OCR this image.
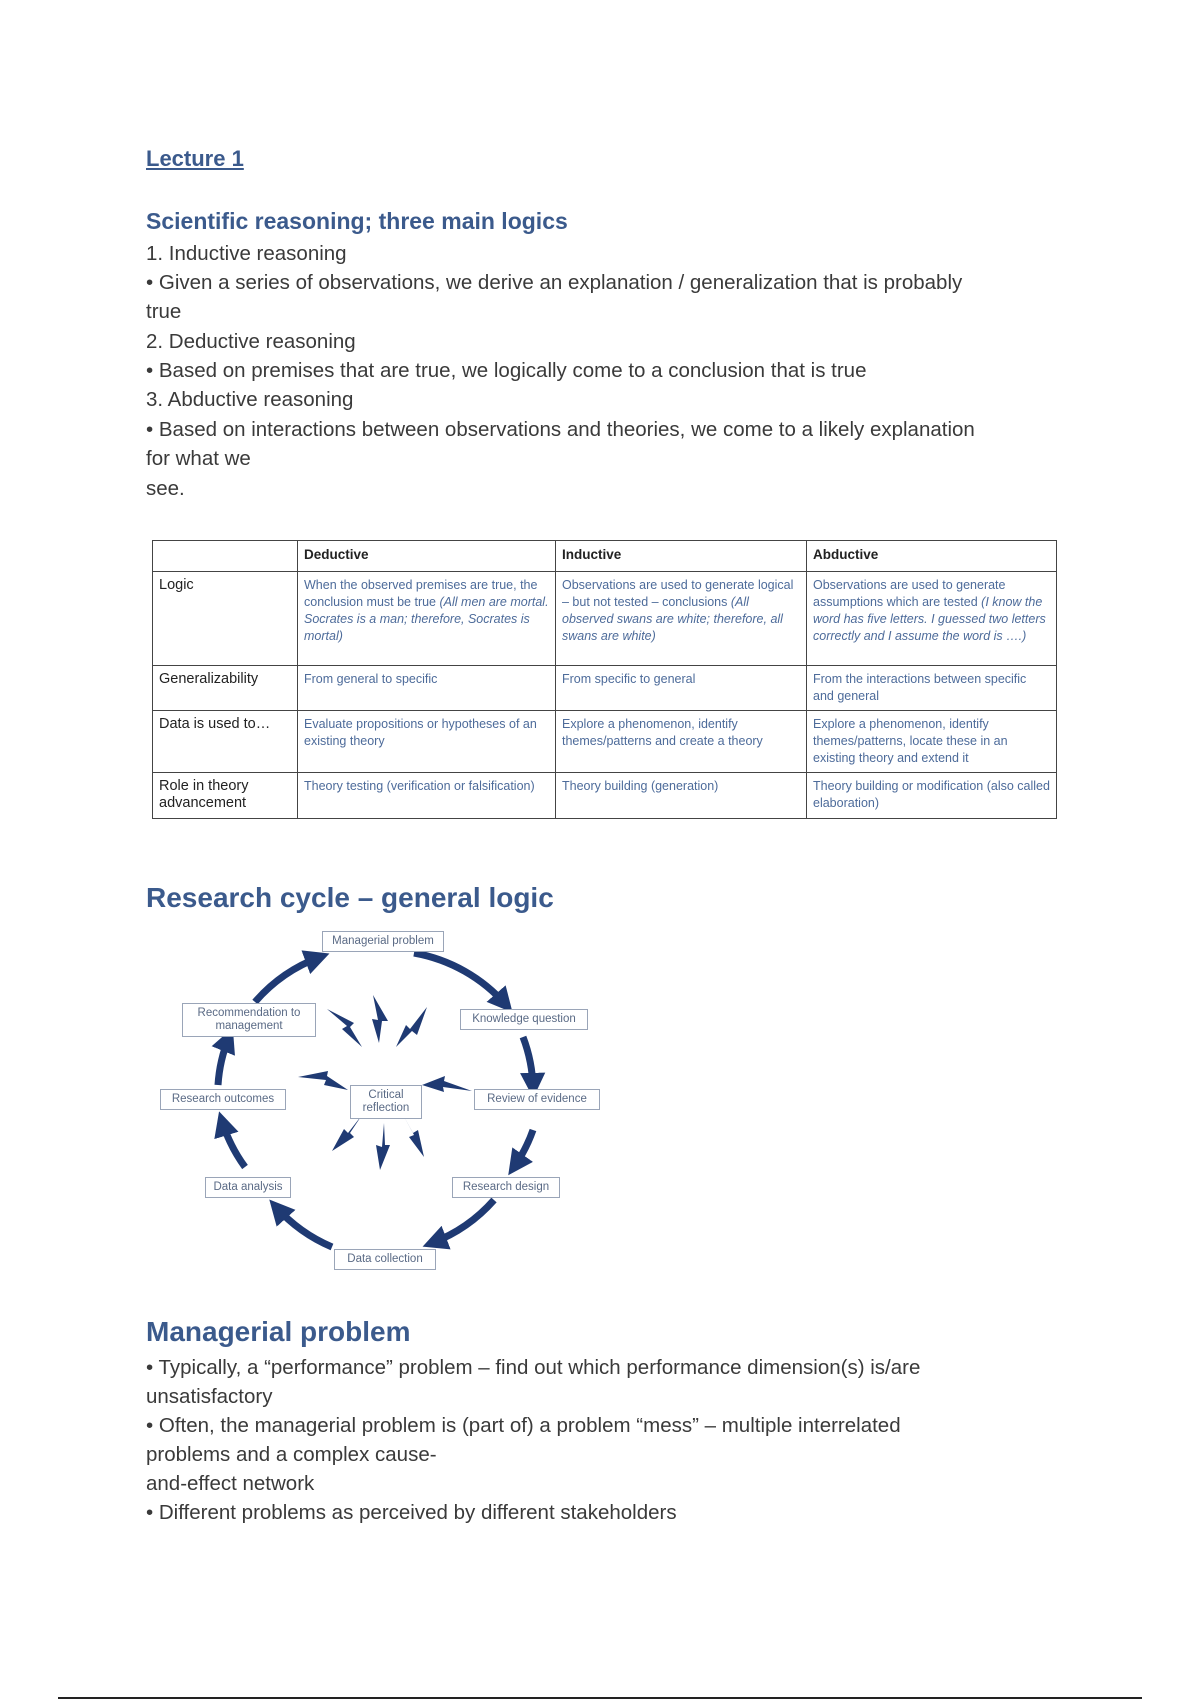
Lecture 1
Scientific reasoning; three main logics

1. Inductive reasoning

• Given a series of observations, we derive an explanation / generalization that is probably

true

2. Deductive reasoning

• Based on premises that are true, we logically come to a conclusion that is true

3. Abductive reasoning

• Based on interactions between observations and theories, we come to a likely explanation

for what we

see.

	Deductive	Inductive	Abductive
Logic	When the observed premises are true, the conclusion must be true (All men are mortal. Socrates is a man; therefore, Socrates is mortal)	Observations are used to generate logical – but not tested – conclusions (All observed swans are white; therefore, all swans are white)	Observations are used to generate assumptions which are tested (I know the word has five letters. I guessed two letters correctly and I assume the word is ….)
Generalizability	From general to specific	From specific to general	From the interactions between specific and general
Data is used to…	Evaluate propositions or hypotheses of an existing theory	Explore a phenomenon, identify themes/patterns and create a theory	Explore a phenomenon, identify themes/patterns, locate these in an existing theory and extend it
Role in theory advancement	Theory testing (verification or falsification)	Theory building (generation)	Theory building or modification (also called elaboration)
Research cycle – general logic
Managerial problem
Knowledge question
Review of evidence
Research design
Data collection
Data analysis
Research outcomes
Recommendation to management
Critical reflection
Managerial problem

• Typically, a “performance” problem – find out which performance dimension(s) is/are

unsatisfactory

• Often, the managerial problem is (part of) a problem “mess” – multiple interrelated

problems and a complex cause-

and-effect network

• Different problems as perceived by different stakeholders
